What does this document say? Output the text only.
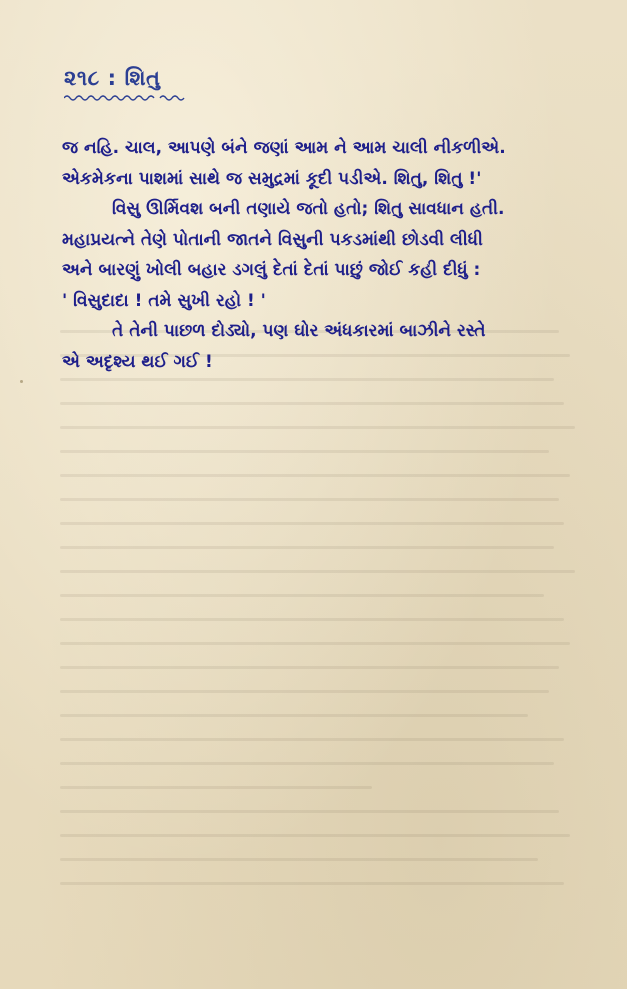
૨૧૮ : શિતુ

જ નહિ. ચાલ, આપણે બંને જણાં આમ ને આમ ચાલી નીકળીએ.
એકમેકના પાશમાં સાથે જ સમુદ્રમાં કૂદી પડીએ. શિતુ, શિતુ !'

વિસુ ઊર્મિવશ બની તણાયે જતો હતો; શિતુ સાવધાન હતી.

મહાપ્રયત્ને તેણે પોતાની જાતને વિસુની પકડમાંથી છોડવી લીધી
અને બારણું ખોલી બહાર ડગલું દેતાં દેતાં પાછું જોઈ કહી દીધું :
' વિસુદાદા ! તમે સુખી રહો ! '

તે તેની પાછળ દોડ્યો, પણ ઘોર અંધકારમાં બાઝીને રસ્તે

એ અદૃશ્ય થઈ ગઈ !
